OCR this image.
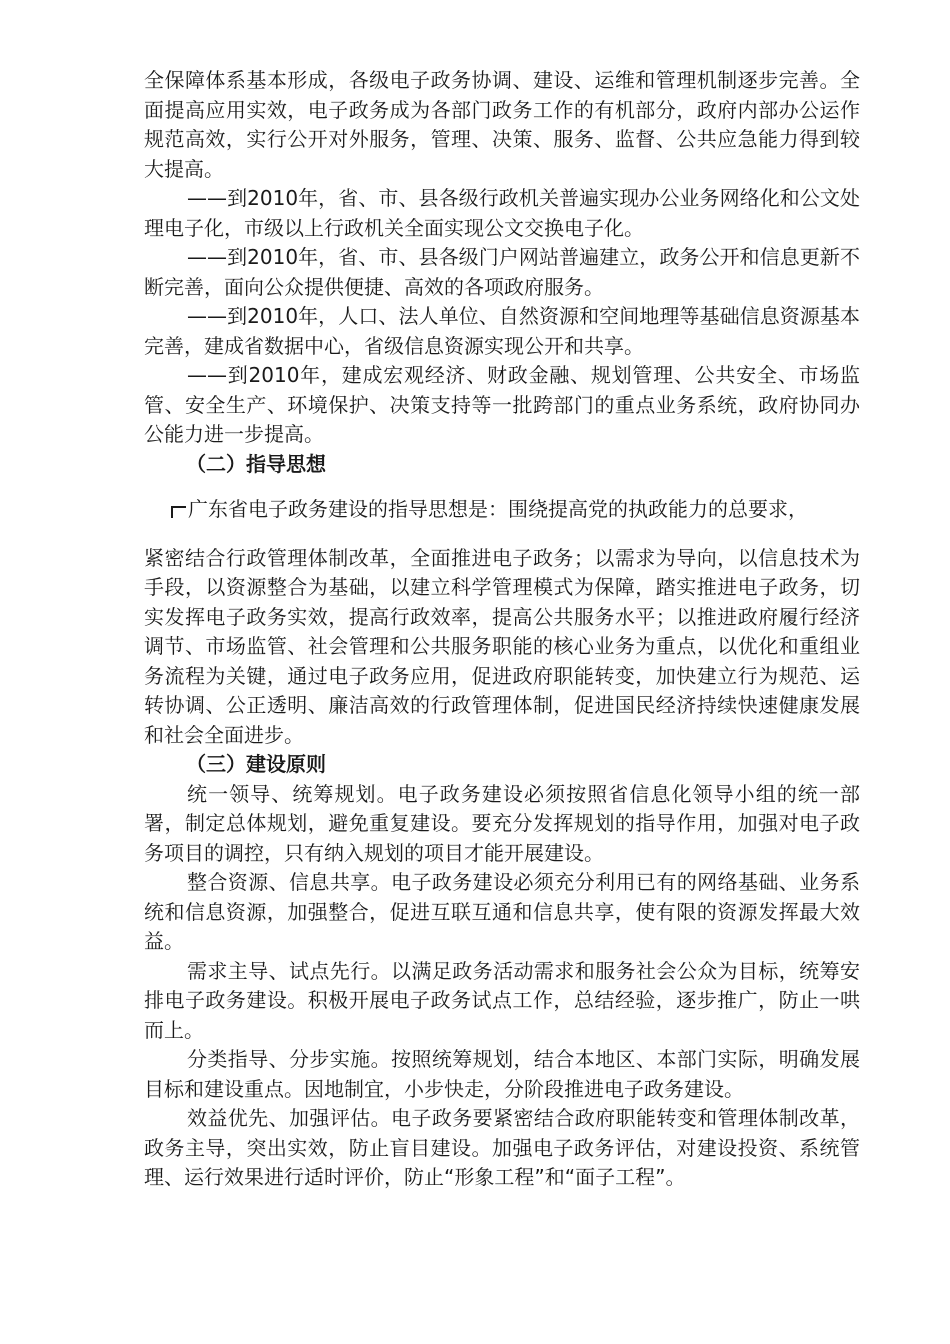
全保障体系基本形成，各级电子政务协调、建设、运维和管理机制逐步完善。全面提高应用实效，电子政务成为各部门政务工作的有机部分，政府内部办公运作规范高效，实行公开对外服务，管理、决策、服务、监督、公共应急能力得到较大提高。

——到2010年，省、市、县各级行政机关普遍实现办公业务网络化和公文处理电子化，市级以上行政机关全面实现公文交换电子化。

——到2010年，省、市、县各级门户网站普遍建立，政务公开和信息更新不断完善，面向公众提供便捷、高效的各项政府服务。

——到2010年，人口、法人单位、自然资源和空间地理等基础信息资源基本完善，建成省数据中心，省级信息资源实现公开和共享。

——到2010年，建成宏观经济、财政金融、规划管理、公共安全、市场监管、安全生产、环境保护、决策支持等一批跨部门的重点业务系统，政府协同办公能力进一步提高。

（二）指导思想

广东省电子政务建设的指导思想是：围绕提高党的执政能力的总要求，

紧密结合行政管理体制改革，全面推进电子政务；以需求为导向，以信息技术为手段，以资源整合为基础，以建立科学管理模式为保障，踏实推进电子政务，切实发挥电子政务实效，提高行政效率，提高公共服务水平；以推进政府履行经济调节、市场监管、社会管理和公共服务职能的核心业务为重点，以优化和重组业务流程为关键，通过电子政务应用，促进政府职能转变，加快建立行为规范、运转协调、公正透明、廉洁高效的行政管理体制，促进国民经济持续快速健康发展和社会全面进步。

（三）建设原则

统一领导、统筹规划。电子政务建设必须按照省信息化领导小组的统一部署，制定总体规划，避免重复建设。要充分发挥规划的指导作用，加强对电子政务项目的调控，只有纳入规划的项目才能开展建设。

整合资源、信息共享。电子政务建设必须充分利用已有的网络基础、业务系统和信息资源，加强整合，促进互联互通和信息共享，使有限的资源发挥最大效益。

需求主导、试点先行。以满足政务活动需求和服务社会公众为目标，统筹安排电子政务建设。积极开展电子政务试点工作，总结经验，逐步推广，防止一哄而上。

分类指导、分步实施。按照统筹规划，结合本地区、本部门实际，明确发展目标和建设重点。因地制宜，小步快走，分阶段推进电子政务建设。

效益优先、加强评估。电子政务要紧密结合政府职能转变和管理体制改革，政务主导，突出实效，防止盲目建设。加强电子政务评估，对建设投资、系统管理、运行效果进行适时评价，防止“形象工程”和“面子工程”。
